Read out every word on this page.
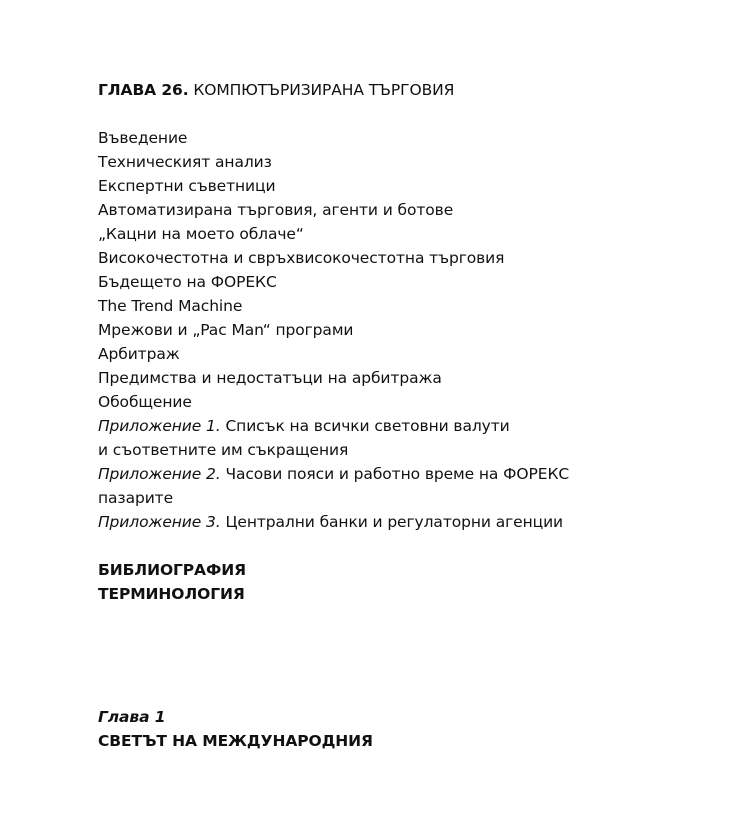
ГЛАВА 26. КОМПЮТЪРИЗИРАНА ТЪРГОВИЯ
Въведение
Техническият анализ
Експертни съветници
Автоматизирана търговия, агенти и ботове
„Кацни на моето облаче“
Високочестотна и свръхвисокочестотна търговия
Бъдещето на ФОРЕКС
The Trend Machine
Мрежови и „Pac Man“ програми
Арбитраж
Предимства и недостатъци на арбитража
Обобщение
Приложение 1. Списък на всички световни валути
и съответните им съкращения
Приложение 2. Часови пояси и работно време на ФОРЕКС
пазарите
Приложение 3. Централни банки и регулаторни агенции
БИБЛИОГРАФИЯ
ТЕРМИНОЛОГИЯ
Глава 1
СВЕТЪТ НА МЕЖДУНАРОДНИЯ
